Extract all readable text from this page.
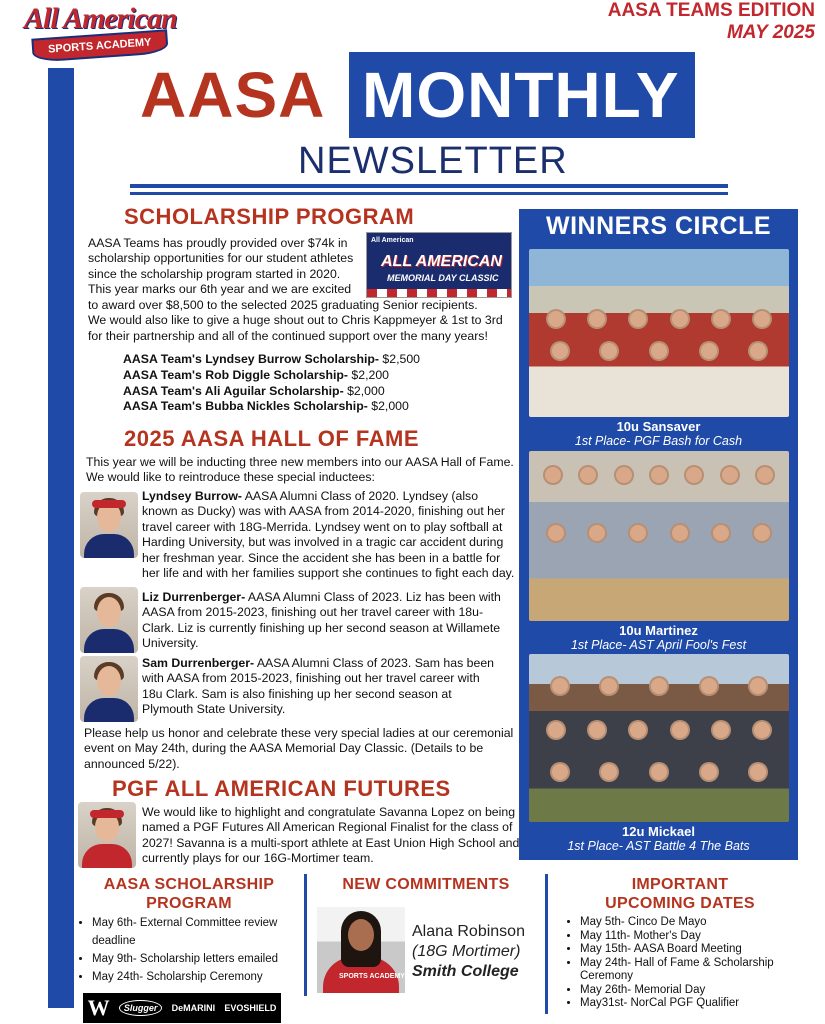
All American
SPORTS ACADEMY
AASA TEAMS EDITION
MAY 2025
AASA MONTHLY
NEWSLETTER
SCHOLARSHIP PROGRAM
All American
ALL AMERICAN
MEMORIAL DAY CLASSIC
AASA Teams has proudly provided over $74k in
scholarship opportunities for our student athletes
since the scholarship program started in 2020.
This year marks our 6th year and we are excited
to award over $8,500 to the selected 2025 graduating Senior recipients.
We would also like to give a huge shout out to Chris Kappmeyer & 1st to 3rd
for their partnership and all of the continued support over the many years!
AASA Team's Lyndsey Burrow Scholarship- $2,500
AASA Team's Rob Diggle Scholarship- $2,200
AASA Team's Ali Aguilar Scholarship- $2,000
AASA Team's Bubba Nickles Scholarship- $2,000
2025 AASA HALL OF FAME
This year we will be inducting three new members into our AASA Hall of Fame.
We would like to reintroduce these special inductees:
Lyndsey Burrow- AASA Alumni Class of 2020. Lyndsey (also
known as Ducky) was with AASA from 2014-2020, finishing out her
travel career with 18G-Merrida. Lyndsey went on to play softball at
Harding University, but was involved in a tragic car accident during
her freshman year. Since the accident she has been in a battle for
her life and with her families support she continues to fight each day.
Liz Durrenberger- AASA Alumni Class of 2023. Liz has been with
AASA from 2015-2023, finishing out her travel career with 18u-
Clark. Liz is currently finishing up her second season at Willamete
University.
Sam Durrenberger- AASA Alumni Class of 2023. Sam has been
with AASA from 2015-2023, finishing out her travel career with
18u Clark. Sam is also finishing up her second season at
Plymouth State University.
Please help us honor and celebrate these very special ladies at our ceremonial
event on May 24th, during the AASA Memorial Day Classic. (Details to be
announced 5/22).
PGF ALL AMERICAN FUTURES
We would like to highlight and congratulate Savanna Lopez on being
named a PGF Futures All American Regional Finalist for the class of
2027! Savanna is a multi-sport athlete at East Union High School and
currently plays for our 16G-Mortimer team.
WINNERS CIRCLE
10u Sansaver
1st Place- PGF Bash for Cash
10u Martinez
1st Place- AST April Fool's Fest
12u Mickael
1st Place- AST Battle 4 The Bats
AASA SCHOLARSHIP
PROGRAM
• May 6th- External Committee review deadline
• May 9th- Scholarship letters emailed
• May 24th- Scholarship Ceremony
W	Slugger	DeMARINI EVOSHIELD
NEW COMMITMENTS
SPORTS ACADEMY
Alana Robinson
(18G Mortimer)
Smith College
IMPORTANT
UPCOMING DATES
• May 5th- Cinco De Mayo
• May 11th- Mother's Day
• May 15th- AASA Board Meeting
• May 24th- Hall of Fame & Scholarship Ceremony
• May 26th- Memorial Day
• May31st- NorCal PGF Qualifier
